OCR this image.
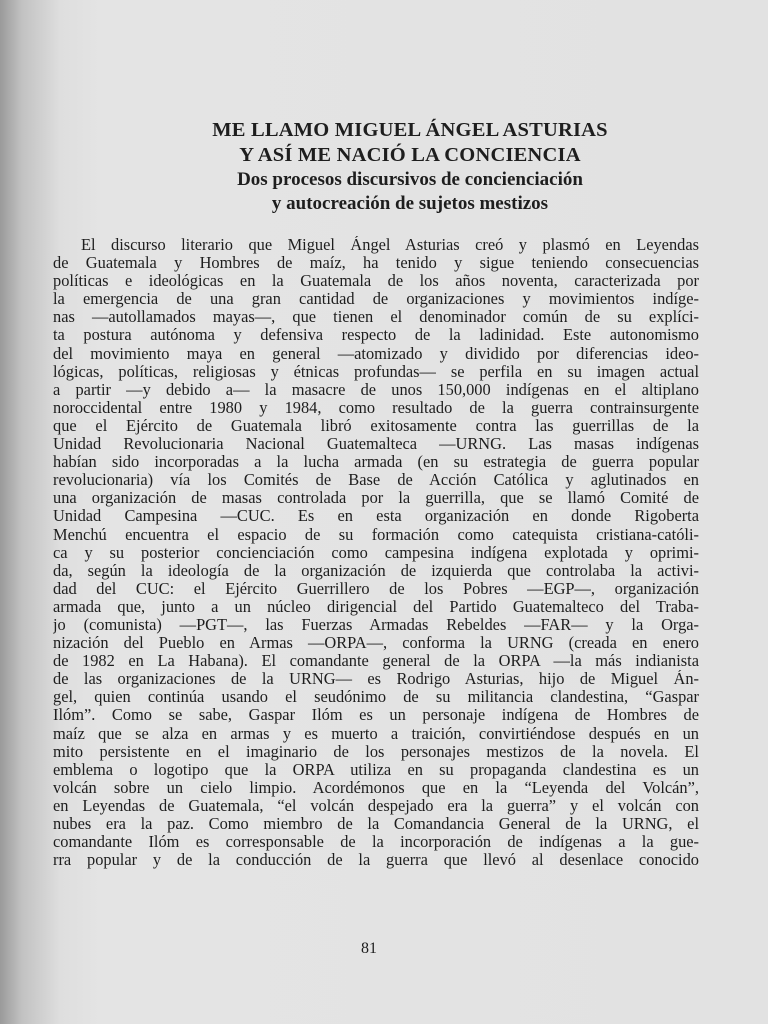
ME LLAMO MIGUEL ÁNGEL ASTURIAS
Y ASÍ ME NACIÓ LA CONCIENCIA
Dos procesos discursivos de concienciación
y autocreación de sujetos mestizos
El discurso literario que Miguel Ángel Asturias creó y plasmó en Leyendas
de Guatemala y Hombres de maíz, ha tenido y sigue teniendo consecuencias
políticas e ideológicas en la Guatemala de los años noventa, caracterizada por
la emergencia de una gran cantidad de organizaciones y movimientos indíge-
nas —autollamados mayas—, que tienen el denominador común de su explíci-
ta postura autónoma y defensiva respecto de la ladinidad. Este autonomismo
del movimiento maya en general —atomizado y dividido por diferencias ideo-
lógicas, políticas, religiosas y étnicas profundas— se perfila en su imagen actual
a partir —y debido a— la masacre de unos 150,000 indígenas en el altiplano
noroccidental entre 1980 y 1984, como resultado de la guerra contrainsurgente
que el Ejército de Guatemala libró exitosamente contra las guerrillas de la
Unidad Revolucionaria Nacional Guatemalteca —URNG. Las masas indígenas
habían sido incorporadas a la lucha armada (en su estrategia de guerra popular
revolucionaria) vía los Comités de Base de Acción Católica y aglutinados en
una organización de masas controlada por la guerrilla, que se llamó Comité de
Unidad Campesina —CUC. Es en esta organización en donde Rigoberta
Menchú encuentra el espacio de su formación como catequista cristiana-católi-
ca y su posterior concienciación como campesina indígena explotada y oprimi-
da, según la ideología de la organización de izquierda que controlaba la activi-
dad del CUC: el Ejército Guerrillero de los Pobres —EGP—, organización
armada que, junto a un núcleo dirigencial del Partido Guatemalteco del Traba-
jo (comunista) —PGT—, las Fuerzas Armadas Rebeldes —FAR— y la Orga-
nización del Pueblo en Armas —ORPA—, conforma la URNG (creada en enero
de 1982 en La Habana). El comandante general de la ORPA —la más indianista
de las organizaciones de la URNG— es Rodrigo Asturias, hijo de Miguel Án-
gel, quien continúa usando el seudónimo de su militancia clandestina, “Gaspar
Ilóm”. Como se sabe, Gaspar Ilóm es un personaje indígena de Hombres de
maíz que se alza en armas y es muerto a traición, convirtiéndose después en un
mito persistente en el imaginario de los personajes mestizos de la novela. El
emblema o logotipo que la ORPA utiliza en su propaganda clandestina es un
volcán sobre un cielo limpio. Acordémonos que en la “Leyenda del Volcán”,
en Leyendas de Guatemala, “el volcán despejado era la guerra” y el volcán con
nubes era la paz. Como miembro de la Comandancia General de la URNG, el
comandante Ilóm es corresponsable de la incorporación de indígenas a la gue-
rra popular y de la conducción de la guerra que llevó al desenlace conocido
81
